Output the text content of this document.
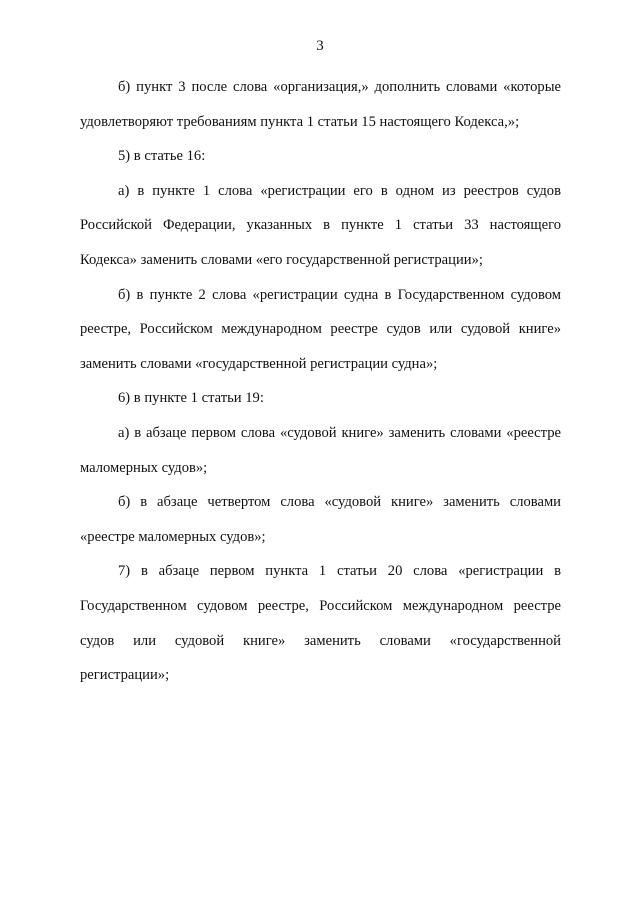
3

б) пункт 3 после слова «организация,» дополнить словами «которые удовлетворяют требованиям пункта 1 статьи 15 настоящего Кодекса,»;

5) в статье 16:

а) в пункте 1 слова «регистрации его в одном из реестров судов Российской Федерации, указанных в пункте 1 статьи 33 настоящего Кодекса» заменить словами «его государственной регистрации»;

б) в пункте 2 слова «регистрации судна в Государственном судовом реестре, Российском международном реестре судов или судовой книге» заменить словами «государственной регистрации судна»;

6) в пункте 1 статьи 19:

а) в абзаце первом слова «судовой книге» заменить словами «реестре маломерных судов»;

б) в абзаце четвертом слова «судовой книге» заменить словами «реестре маломерных судов»;

7) в абзаце первом пункта 1 статьи 20 слова «регистрации в Государственном судовом реестре, Российском международном реестре судов или судовой книге» заменить словами «государственной регистрации»;
